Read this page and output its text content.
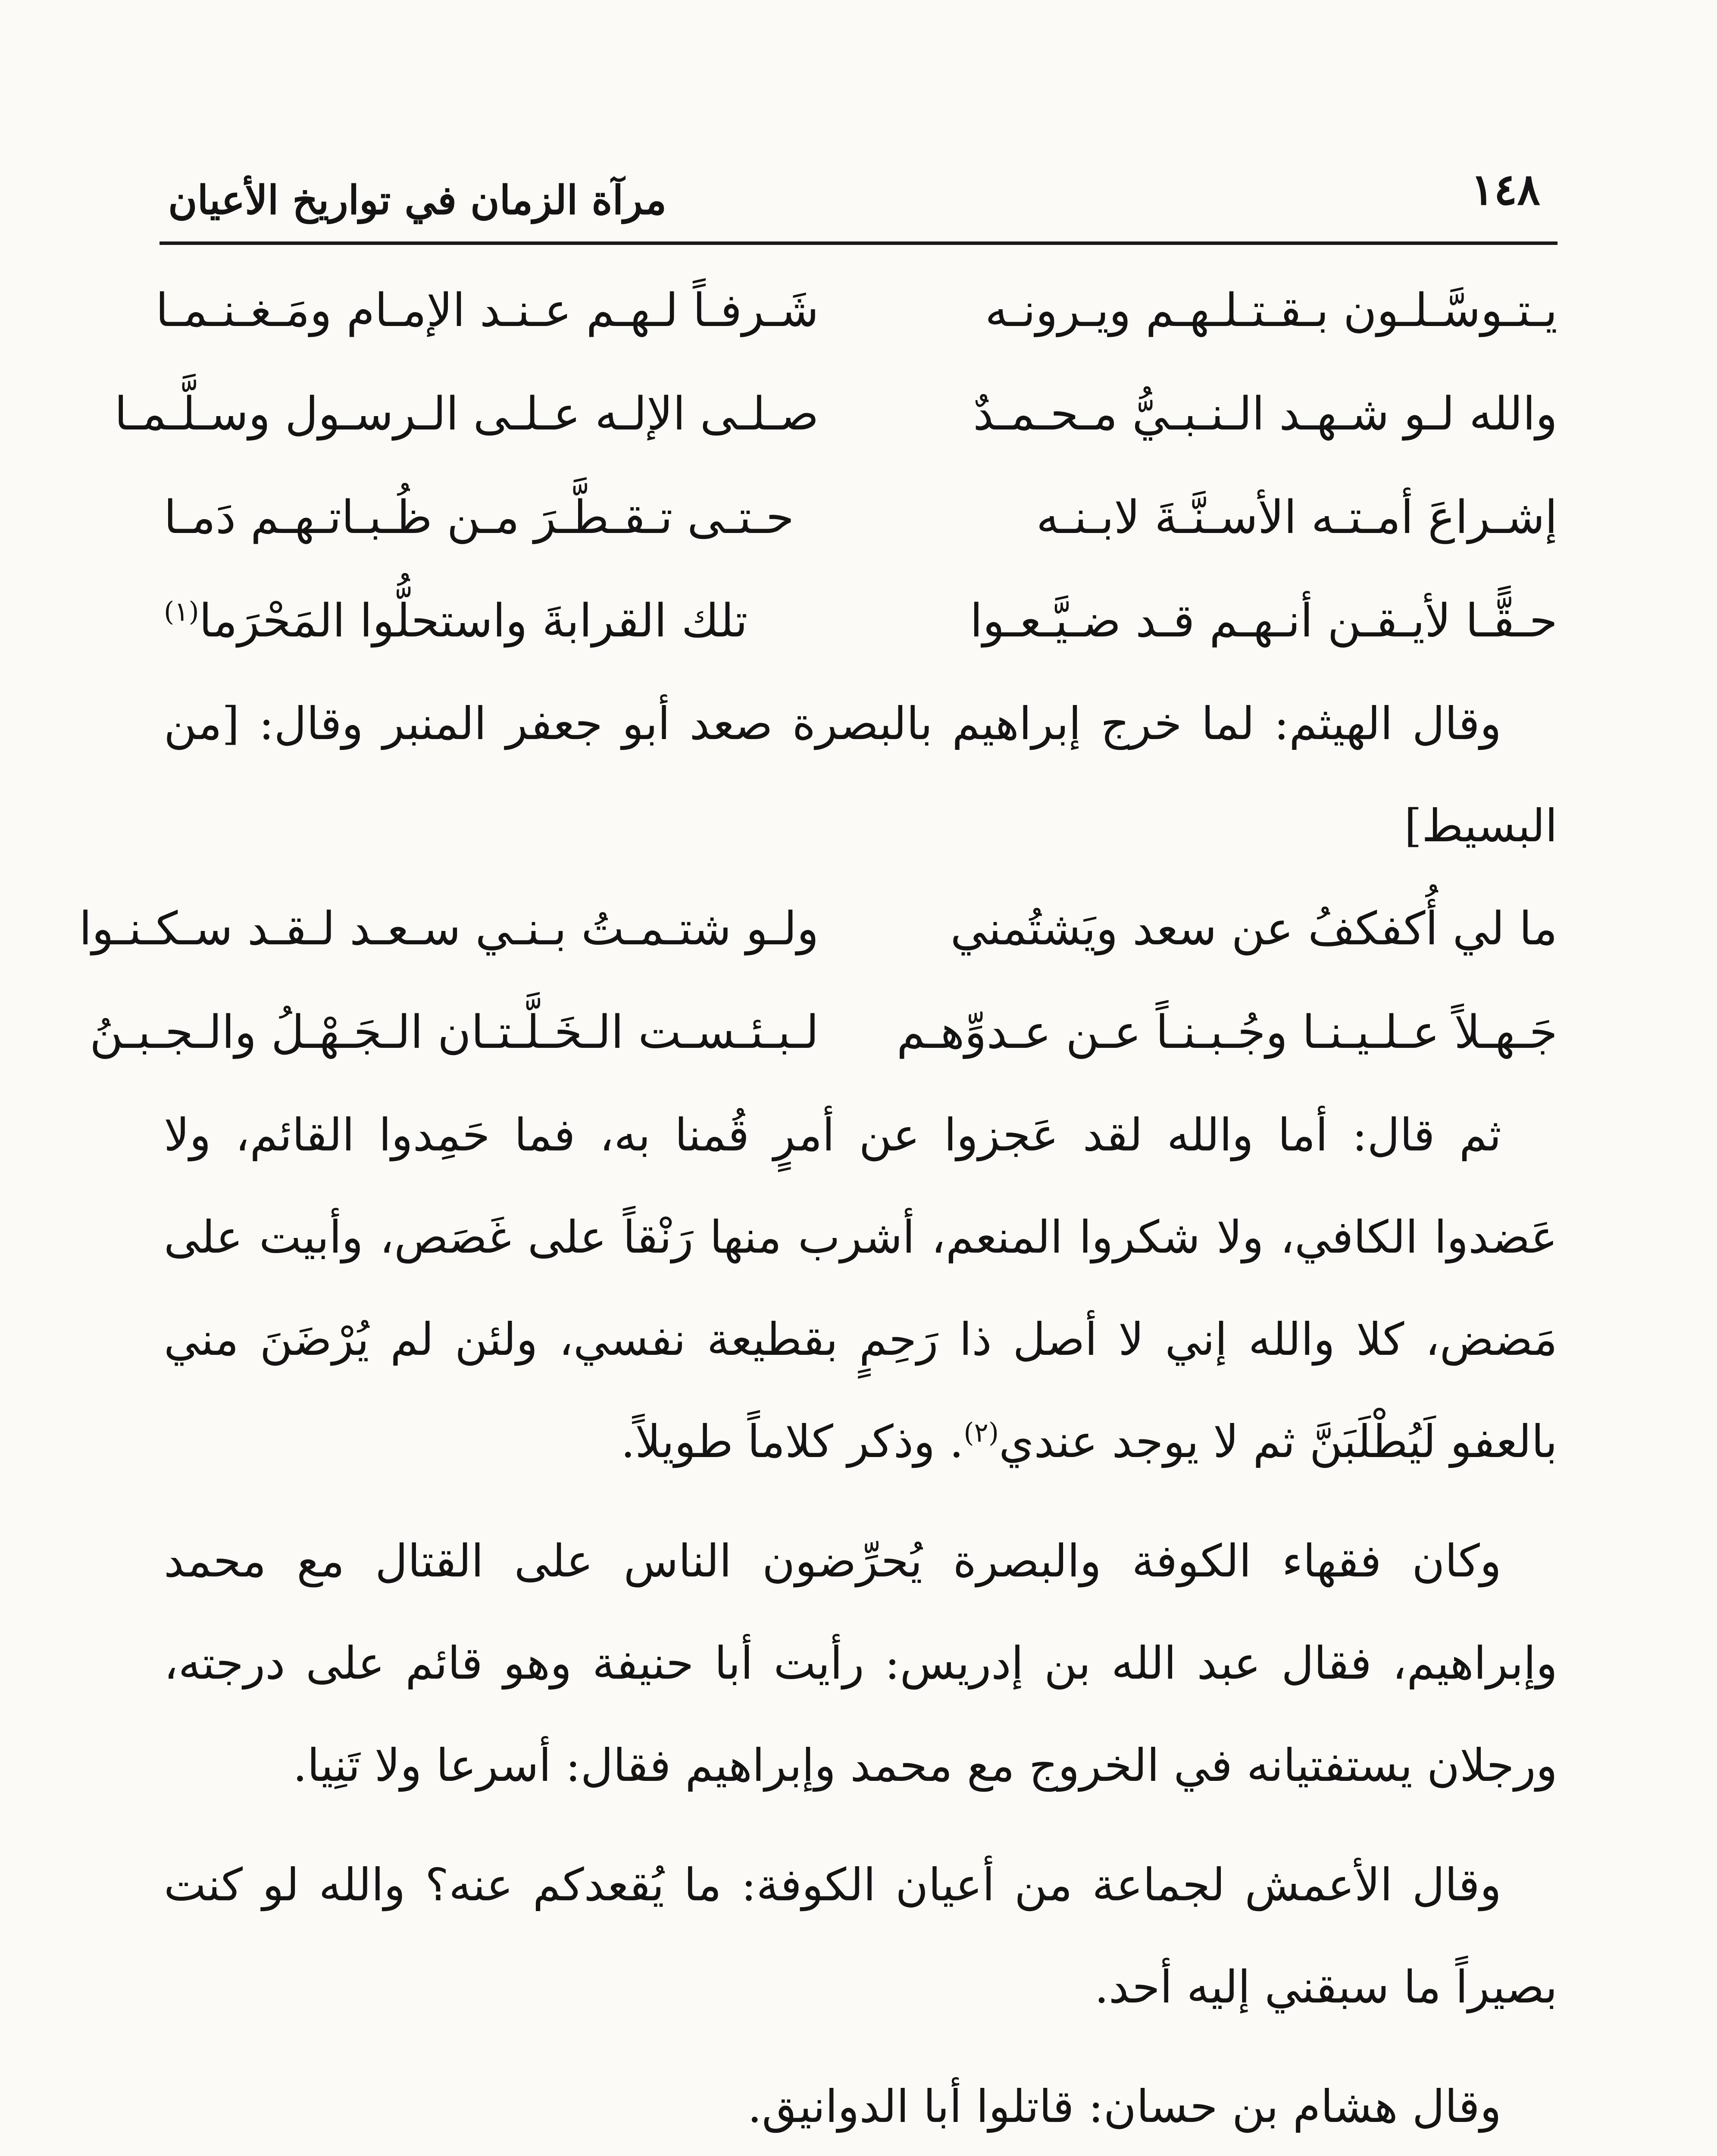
١٤٨
مرآة الزمان في تواريخ الأعيان
يـتـوسَّـلـون بـقـتـلـهـم ويـرونـه
شَـرفـاً لـهـم عـنـد الإمـام ومَـغـنـمـا
والله لـو شـهـد الـنـبـيُّ مـحـمـدٌ
صـلـى الإلـه عـلـى الـرسـول وسـلَّـمـا
إشـراعَ أمـتـه الأسـنَّـةَ لابـنـه
حـتـى تـقـطَّـرَ مـن ظُـبـاتـهـم دَمـا
حـقًّـا لأيـقـن أنـهـم قـد ضـيَّـعـوا
تلك القرابةَ واستحلُّوا المَحْرَما$^{(١)}$

وقال الهيثم: لما خرج إبراهيم بالبصرة صعد أبو جعفر المنبر وقال: [من البسيط]

ما لي أُكفكفُ عن سعد ويَشتُمني
ولـو شتـمـتُ بـنـي سـعـد لـقـد سـكـنـوا
جَـهـلاً عـلـيـنـا وجُـبـنـاً عـن عـدوِّهـم
لـبـئـسـت الـخَـلَّـتـان الـجَـهْـلُ والـجـبـنُ

ثم قال: أما والله لقد عَجزوا عن أمرٍ قُمنا به، فما حَمِدوا القائم، ولا عَضدوا الكافي، ولا شكروا المنعم، أشرب منها رَنْقاً على غَصَص، وأبيت على مَضض، كلا والله إني لا أصل ذا رَحِمٍ بقطيعة نفسي، ولئن لم يُرْضَنَ مني بالعفو لَيُطْلَبَنَّ ثم لا يوجد عندي$^{(٢)}$. وذكر كلاماً طويلاً.

وكان فقهاء الكوفة والبصرة يُحرِّضون الناس على القتال مع محمد وإبراهيم، فقال عبد الله بن إدريس: رأيت أبا حنيفة وهو قائم على درجته، ورجلان يستفتيانه في الخروج مع محمد وإبراهيم فقال: أسرعا ولا تَنِيا.

وقال الأعمش لجماعة من أعيان الكوفة: ما يُقعدكم عنه؟ والله لو كنت بصيراً ما سبقني إليه أحد.

وقال هشام بن حسان: قاتلوا أبا الدوانيق.
